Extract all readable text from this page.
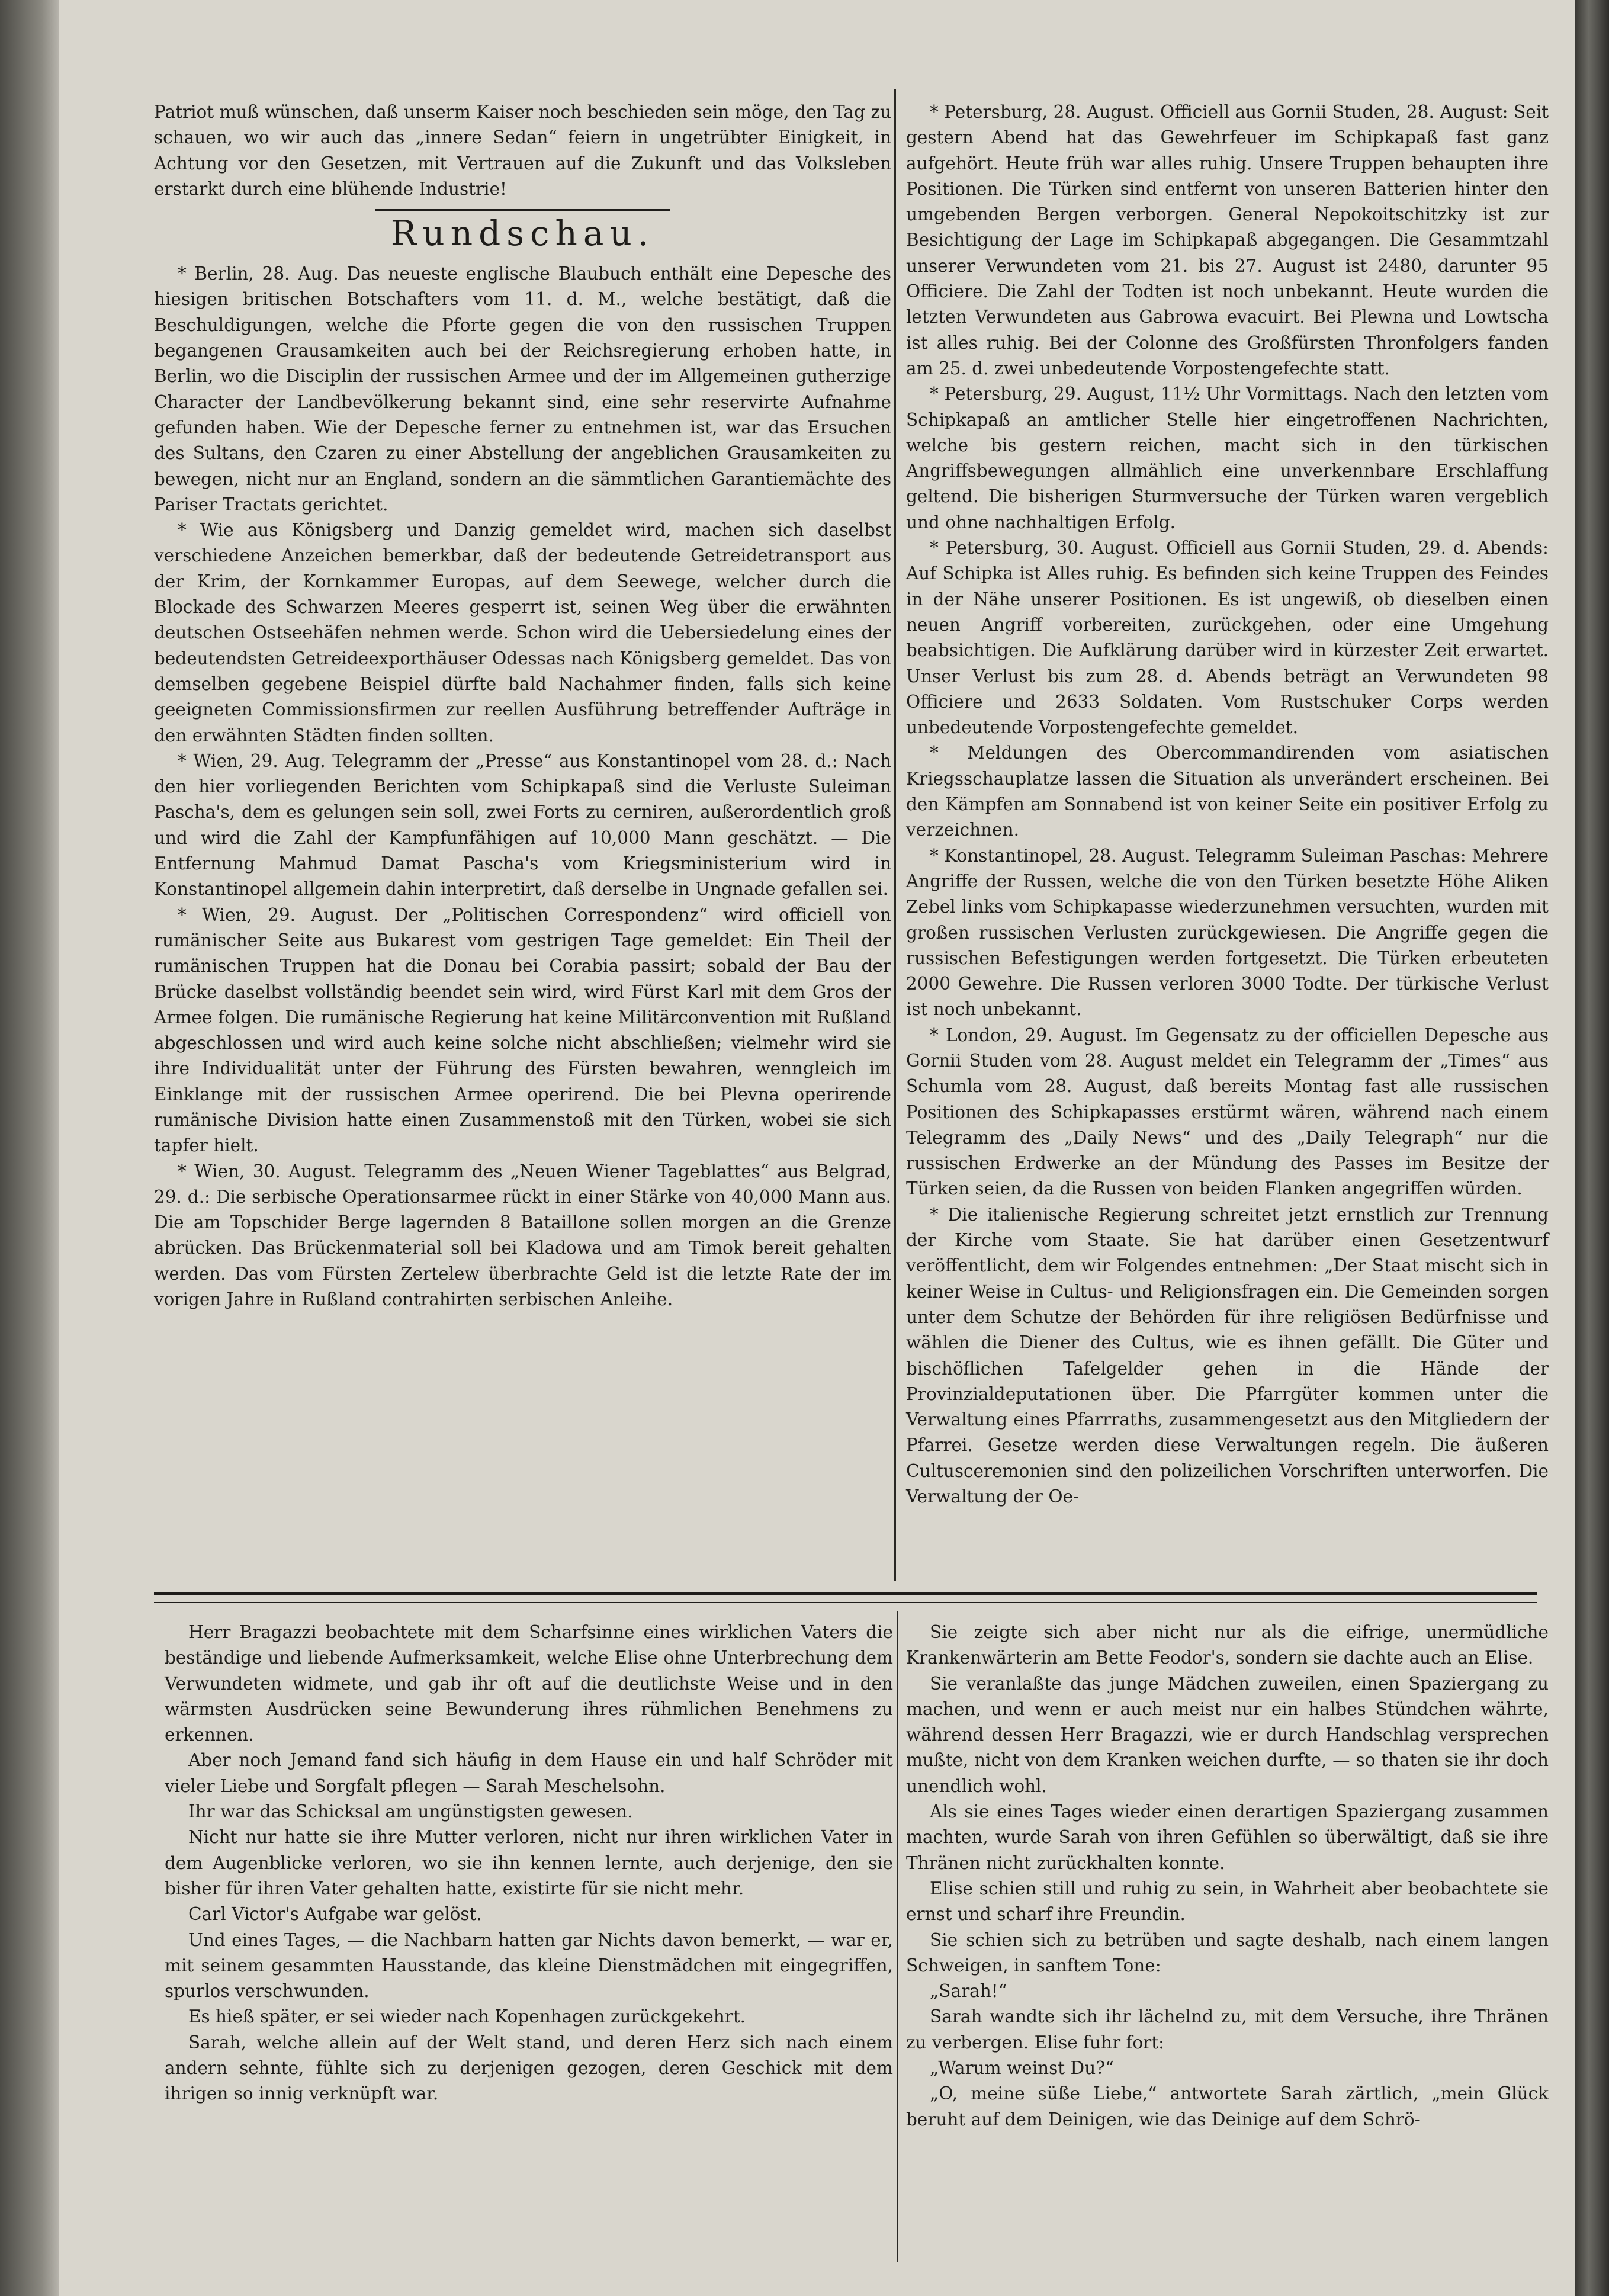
Patriot muß wünschen, daß unserm Kaiser noch beschieden sein möge, den Tag zu schauen, wo wir auch das „innere Sedan“ feiern in ungetrübter Einigkeit, in Achtung vor den Gesetzen, mit Vertrauen auf die Zukunft und das Volksleben erstarkt durch eine blühende Industrie!

Rundschau.

* Berlin, 28. Aug. Das neueste englische Blaubuch enthält eine Depesche des hiesigen britischen Botschafters vom 11. d. M., welche bestätigt, daß die Beschuldigungen, welche die Pforte gegen die von den russischen Truppen begangenen Grausamkeiten auch bei der Reichsregierung erhoben hatte, in Berlin, wo die Disciplin der russischen Armee und der im Allgemeinen gutherzige Character der Landbevölkerung bekannt sind, eine sehr reservirte Aufnahme gefunden haben. Wie der Depesche ferner zu entnehmen ist, war das Ersuchen des Sultans, den Czaren zu einer Abstellung der angeblichen Grausamkeiten zu bewegen, nicht nur an England, sondern an die sämmtlichen Garantiemächte des Pariser Tractats gerichtet.

* Wie aus Königsberg und Danzig gemeldet wird, machen sich daselbst verschiedene Anzeichen bemerkbar, daß der bedeutende Getreidetransport aus der Krim, der Kornkammer Europas, auf dem Seewege, welcher durch die Blockade des Schwarzen Meeres gesperrt ist, seinen Weg über die erwähnten deutschen Ostseehäfen nehmen werde. Schon wird die Uebersiedelung eines der bedeutendsten Getreideexporthäuser Odessas nach Königsberg gemeldet. Das von demselben gegebene Beispiel dürfte bald Nachahmer finden, falls sich keine geeigneten Commissionsfirmen zur reellen Ausführung betreffender Aufträge in den erwähnten Städten finden sollten.

* Wien, 29. Aug. Telegramm der „Presse“ aus Konstantinopel vom 28. d.: Nach den hier vorliegenden Berichten vom Schipkapaß sind die Verluste Suleiman Pascha's, dem es gelungen sein soll, zwei Forts zu cerniren, außerordentlich groß und wird die Zahl der Kampfunfähigen auf 10,000 Mann geschätzt. — Die Entfernung Mahmud Damat Pascha's vom Kriegsministerium wird in Konstantinopel allgemein dahin interpretirt, daß derselbe in Ungnade gefallen sei.

* Wien, 29. August. Der „Politischen Correspondenz“ wird officiell von rumänischer Seite aus Bukarest vom gestrigen Tage gemeldet: Ein Theil der rumänischen Truppen hat die Donau bei Corabia passirt; sobald der Bau der Brücke daselbst vollständig beendet sein wird, wird Fürst Karl mit dem Gros der Armee folgen. Die rumänische Regierung hat keine Militärconvention mit Rußland abgeschlossen und wird auch keine solche nicht abschließen; vielmehr wird sie ihre Individualität unter der Führung des Fürsten bewahren, wenngleich im Einklange mit der russischen Armee operirend. Die bei Plevna operirende rumänische Division hatte einen Zusammenstoß mit den Türken, wobei sie sich tapfer hielt.

* Wien, 30. August. Telegramm des „Neuen Wiener Tageblattes“ aus Belgrad, 29. d.: Die serbische Operationsarmee rückt in einer Stärke von 40,000 Mann aus. Die am Topschider Berge lagernden 8 Bataillone sollen morgen an die Grenze abrücken. Das Brückenmaterial soll bei Kladowa und am Timok bereit gehalten werden. Das vom Fürsten Zertelew überbrachte Geld ist die letzte Rate der im vorigen Jahre in Rußland contrahirten serbischen Anleihe.

* Petersburg, 28. August. Officiell aus Gornii Studen, 28. August: Seit gestern Abend hat das Gewehrfeuer im Schipkapaß fast ganz aufgehört. Heute früh war alles ruhig. Unsere Truppen behaupten ihre Positionen. Die Türken sind entfernt von unseren Batterien hinter den umgebenden Bergen verborgen. General Nepokoitschitzky ist zur Besichtigung der Lage im Schipkapaß abgegangen. Die Gesammtzahl unserer Verwundeten vom 21. bis 27. August ist 2480, darunter 95 Officiere. Die Zahl der Todten ist noch unbekannt. Heute wurden die letzten Verwundeten aus Gabrowa evacuirt. Bei Plewna und Lowtscha ist alles ruhig. Bei der Colonne des Großfürsten Thronfolgers fanden am 25. d. zwei unbedeutende Vorpostengefechte statt.

* Petersburg, 29. August, 11½ Uhr Vormittags. Nach den letzten vom Schipkapaß an amtlicher Stelle hier eingetroffenen Nachrichten, welche bis gestern reichen, macht sich in den türkischen Angriffsbewegungen allmählich eine unverkennbare Erschlaffung geltend. Die bisherigen Sturmversuche der Türken waren vergeblich und ohne nachhaltigen Erfolg.

* Petersburg, 30. August. Officiell aus Gornii Studen, 29. d. Abends: Auf Schipka ist Alles ruhig. Es befinden sich keine Truppen des Feindes in der Nähe unserer Positionen. Es ist ungewiß, ob dieselben einen neuen Angriff vorbereiten, zurückgehen, oder eine Umgehung beabsichtigen. Die Aufklärung darüber wird in kürzester Zeit erwartet. Unser Verlust bis zum 28. d. Abends beträgt an Verwundeten 98 Officiere und 2633 Soldaten. Vom Rustschuker Corps werden unbedeutende Vorpostengefechte gemeldet.

* Meldungen des Obercommandirenden vom asiatischen Kriegsschauplatze lassen die Situation als unverändert erscheinen. Bei den Kämpfen am Sonnabend ist von keiner Seite ein positiver Erfolg zu verzeichnen.

* Konstantinopel, 28. August. Telegramm Suleiman Paschas: Mehrere Angriffe der Russen, welche die von den Türken besetzte Höhe Aliken Zebel links vom Schipkapasse wiederzunehmen versuchten, wurden mit großen russischen Verlusten zurückgewiesen. Die Angriffe gegen die russischen Befestigungen werden fortgesetzt. Die Türken erbeuteten 2000 Gewehre. Die Russen verloren 3000 Todte. Der türkische Verlust ist noch unbekannt.

* London, 29. August. Im Gegensatz zu der officiellen Depesche aus Gornii Studen vom 28. August meldet ein Telegramm der „Times“ aus Schumla vom 28. August, daß bereits Montag fast alle russischen Positionen des Schipkapasses erstürmt wären, während nach einem Telegramm des „Daily News“ und des „Daily Telegraph“ nur die russischen Erdwerke an der Mündung des Passes im Besitze der Türken seien, da die Russen von beiden Flanken angegriffen würden.

* Die italienische Regierung schreitet jetzt ernstlich zur Trennung der Kirche vom Staate. Sie hat darüber einen Gesetzentwurf veröffentlicht, dem wir Folgendes entnehmen: „Der Staat mischt sich in keiner Weise in Cultus- und Religionsfragen ein. Die Gemeinden sorgen unter dem Schutze der Behörden für ihre religiösen Bedürfnisse und wählen die Diener des Cultus, wie es ihnen gefällt. Die Güter und bischöflichen Tafelgelder gehen in die Hände der Provinzialdeputationen über. Die Pfarrgüter kommen unter die Verwaltung eines Pfarrraths, zusammengesetzt aus den Mitgliedern der Pfarrei. Gesetze werden diese Verwaltungen regeln. Die äußeren Cultusceremonien sind den polizeilichen Vorschriften unterworfen. Die Verwaltung der Oe-

Herr Bragazzi beobachtete mit dem Scharfsinne eines wirklichen Vaters die beständige und liebende Aufmerksamkeit, welche Elise ohne Unterbrechung dem Verwundeten widmete, und gab ihr oft auf die deutlichste Weise und in den wärmsten Ausdrücken seine Bewunderung ihres rühmlichen Benehmens zu erkennen.

Aber noch Jemand fand sich häufig in dem Hause ein und half Schröder mit vieler Liebe und Sorgfalt pflegen — Sarah Meschelsohn.

Ihr war das Schicksal am ungünstigsten gewesen.

Nicht nur hatte sie ihre Mutter verloren, nicht nur ihren wirklichen Vater in dem Augenblicke verloren, wo sie ihn kennen lernte, auch derjenige, den sie bisher für ihren Vater gehalten hatte, existirte für sie nicht mehr.

Carl Victor's Aufgabe war gelöst.

Und eines Tages, — die Nachbarn hatten gar Nichts davon bemerkt, — war er, mit seinem gesammten Hausstande, das kleine Dienstmädchen mit eingegriffen, spurlos verschwunden.

Es hieß später, er sei wieder nach Kopenhagen zurückgekehrt.

Sarah, welche allein auf der Welt stand, und deren Herz sich nach einem andern sehnte, fühlte sich zu derjenigen gezogen, deren Geschick mit dem ihrigen so innig verknüpft war.

Sie zeigte sich aber nicht nur als die eifrige, unermüdliche Krankenwärterin am Bette Feodor's, sondern sie dachte auch an Elise.

Sie veranlaßte das junge Mädchen zuweilen, einen Spaziergang zu machen, und wenn er auch meist nur ein halbes Stündchen währte, während dessen Herr Bragazzi, wie er durch Handschlag versprechen mußte, nicht von dem Kranken weichen durfte, — so thaten sie ihr doch unendlich wohl.

Als sie eines Tages wieder einen derartigen Spaziergang zusammen machten, wurde Sarah von ihren Gefühlen so überwältigt, daß sie ihre Thränen nicht zurückhalten konnte.

Elise schien still und ruhig zu sein, in Wahrheit aber beobachtete sie ernst und scharf ihre Freundin.

Sie schien sich zu betrüben und sagte deshalb, nach einem langen Schweigen, in sanftem Tone:

„Sarah!“

Sarah wandte sich ihr lächelnd zu, mit dem Versuche, ihre Thränen zu verbergen. Elise fuhr fort:

„Warum weinst Du?“

„O, meine süße Liebe,“ antwortete Sarah zärtlich, „mein Glück beruht auf dem Deinigen, wie das Deinige auf dem Schrö-
